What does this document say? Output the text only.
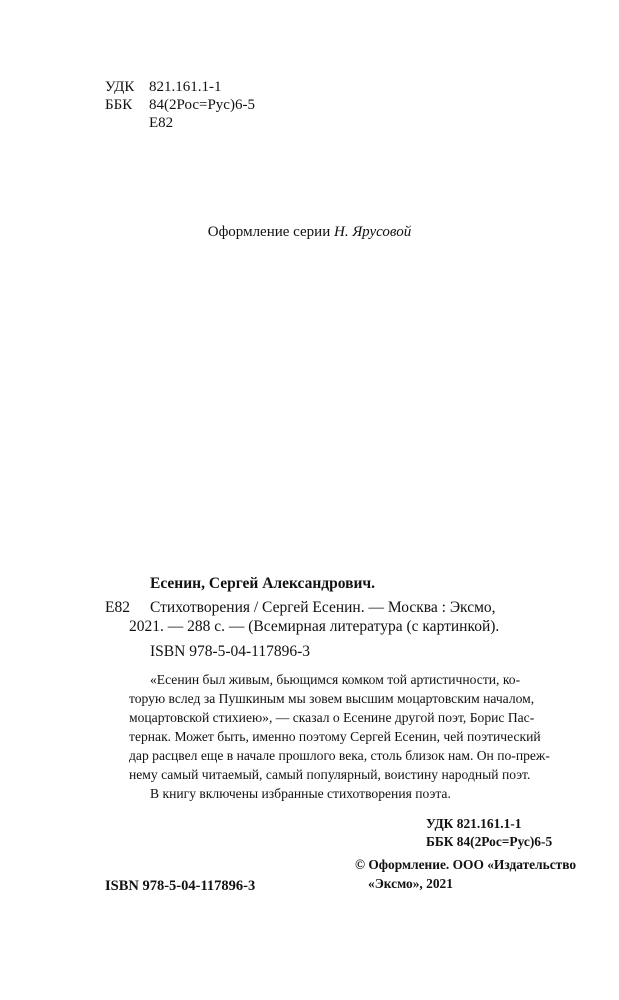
УДК 821.161.1-1
ББК 84(2Рос=Рус)6-5
Е82
Оформление серии Н. Ярусовой
Есенин, Сергей Александрович.
Е82 Стихотворения / Сергей Есенин. — Москва : Эксмо,
2021. — 288 с. — (Всемирная литература (с картинкой).
ISBN 978-5-04-117896-3
«Есенин был живым, бьющимся комком той артистичности, ко-
торую вслед за Пушкиным мы зовем высшим моцартовским началом,
моцартовской стихиею», — сказал о Есенине другой поэт, Борис Пас-
тернак. Может быть, именно поэтому Сергей Есенин, чей поэтический
дар расцвел еще в начале прошлого века, столь близок нам. Он по-преж-
нему самый читаемый, самый популярный, воистину народный поэт.
В книгу включены избранные стихотворения поэта.
УДК 821.161.1-1
ББК 84(2Рос=Рус)6-5
ISBN 978-5-04-117896-3
© Оформление. ООО «Издательство
«Эксмо», 2021
